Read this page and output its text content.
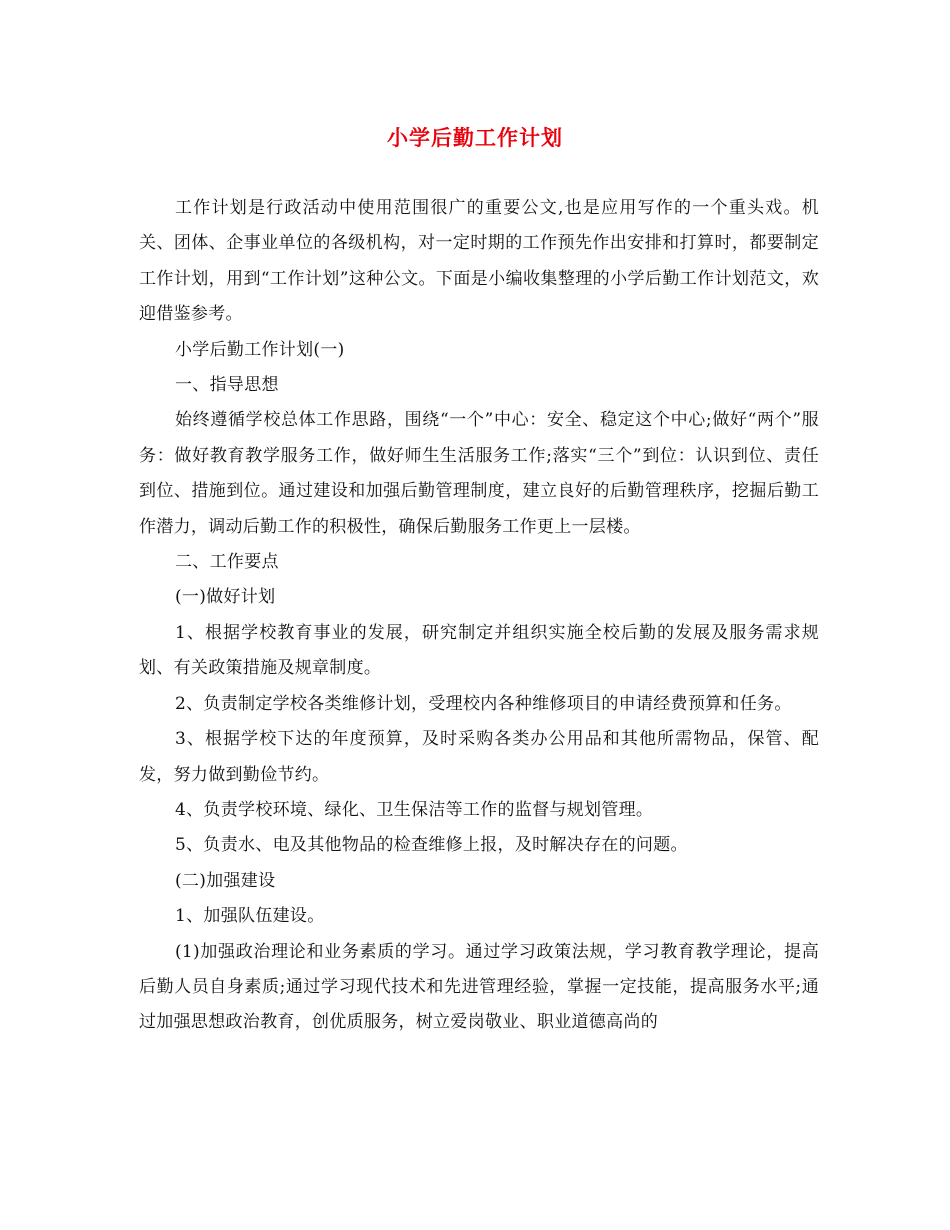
小学后勤工作计划

工作计划是行政活动中使用范围很广的重要公文,也是应用写作的一个重头戏。机关、团体、企事业单位的各级机构，对一定时期的工作预先作出安排和打算时，都要制定工作计划，用到“工作计划”这种公文。下面是小编收集整理的小学后勤工作计划范文，欢迎借鉴参考。

小学后勤工作计划(一)

一、指导思想

始终遵循学校总体工作思路，围绕“一个”中心：安全、稳定这个中心;做好“两个”服务：做好教育教学服务工作，做好师生生活服务工作;落实“三个”到位：认识到位、责任到位、措施到位。通过建设和加强后勤管理制度，建立良好的后勤管理秩序，挖掘后勤工作潜力，调动后勤工作的积极性，确保后勤服务工作更上一层楼。

二、工作要点

(一)做好计划

1、根据学校教育事业的发展，研究制定并组织实施全校后勤的发展及服务需求规划、有关政策措施及规章制度。

2、负责制定学校各类维修计划，受理校内各种维修项目的申请经费预算和任务。

3、根据学校下达的年度预算，及时采购各类办公用品和其他所需物品，保管、配发，努力做到勤俭节约。

4、负责学校环境、绿化、卫生保洁等工作的监督与规划管理。

5、负责水、电及其他物品的检查维修上报，及时解决存在的问题。

(二)加强建设

1、加强队伍建设。

(1)加强政治理论和业务素质的学习。通过学习政策法规，学习教育教学理论，提高后勤人员自身素质;通过学习现代技术和先进管理经验，掌握一定技能，提高服务水平;通过加强思想政治教育，创优质服务，树立爱岗敬业、职业道德高尚的
